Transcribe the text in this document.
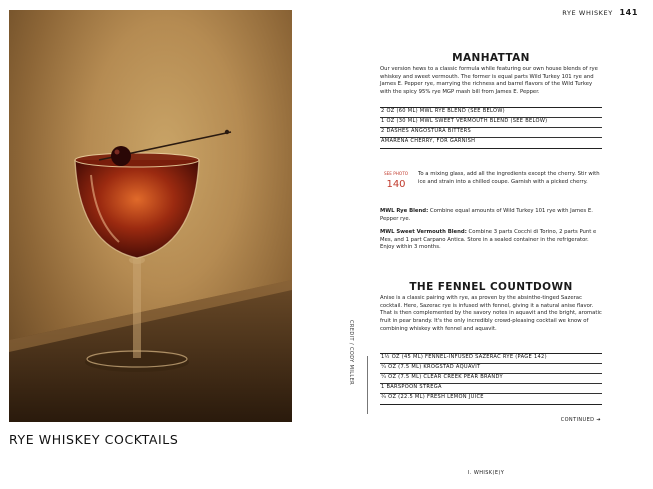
RYE WHISKEY COCKTAILS
RYE WHISKEY 141
MANHATTAN
Our version hews to a classic formula while featuring our own house blends of rye whiskey and sweet vermouth. The former is equal parts Wild Turkey 101 rye and James E. Pepper rye, marrying the richness and barrel flavors of the Wild Turkey with the spicy 95% rye MGP mash bill from James E. Pepper.
2 OZ (60 ML) MWL RYE BLEND (SEE BELOW)
1 OZ (30 ML) MWL SWEET VERMOUTH BLEND (SEE BELOW)
2 DASHES ANGOSTURA BITTERS
AMARENA CHERRY, FOR GARNISH
SEE PHOTO
140
To a mixing glass, add all the ingredients except the cherry. Stir with ice and strain into a chilled coupe. Garnish with a picked cherry.
MWL Rye Blend: Combine equal amounts of Wild Turkey 101 rye with James E. Pepper rye.
MWL Sweet Vermouth Blend: Combine 3 parts Cocchi di Torino, 2 parts Punt e Mes, and 1 part Carpano Antica. Store in a sealed container in the refrigerator. Enjoy within 3 months.
THE FENNEL COUNTDOWN
Anise is a classic pairing with rye, as proven by the absinthe-tinged Sazerac cocktail. Here, Sazerac rye is infused with fennel, giving it a natural anise flavor. That is then complemented by the savory notes in aquavit and the bright, aromatic fruit in pear brandy. It's the only incredibly crowd-pleasing cocktail we know of combining whiskey with fennel and aquavit.
CREDIT / CODY MILLER	1½ OZ (45 ML) FENNEL-INFUSED SAZERAC RYE (PAGE 142)
¼ OZ (7.5 ML) KROGSTAD AQUAVIT
¼ OZ (7.5 ML) CLEAR CREEK PEAR BRANDY
1 BARSPOON STREGA
¾ OZ (22.5 ML) FRESH LEMON JUICE
CONTINUED ➔
I. WHISK(E)Y
